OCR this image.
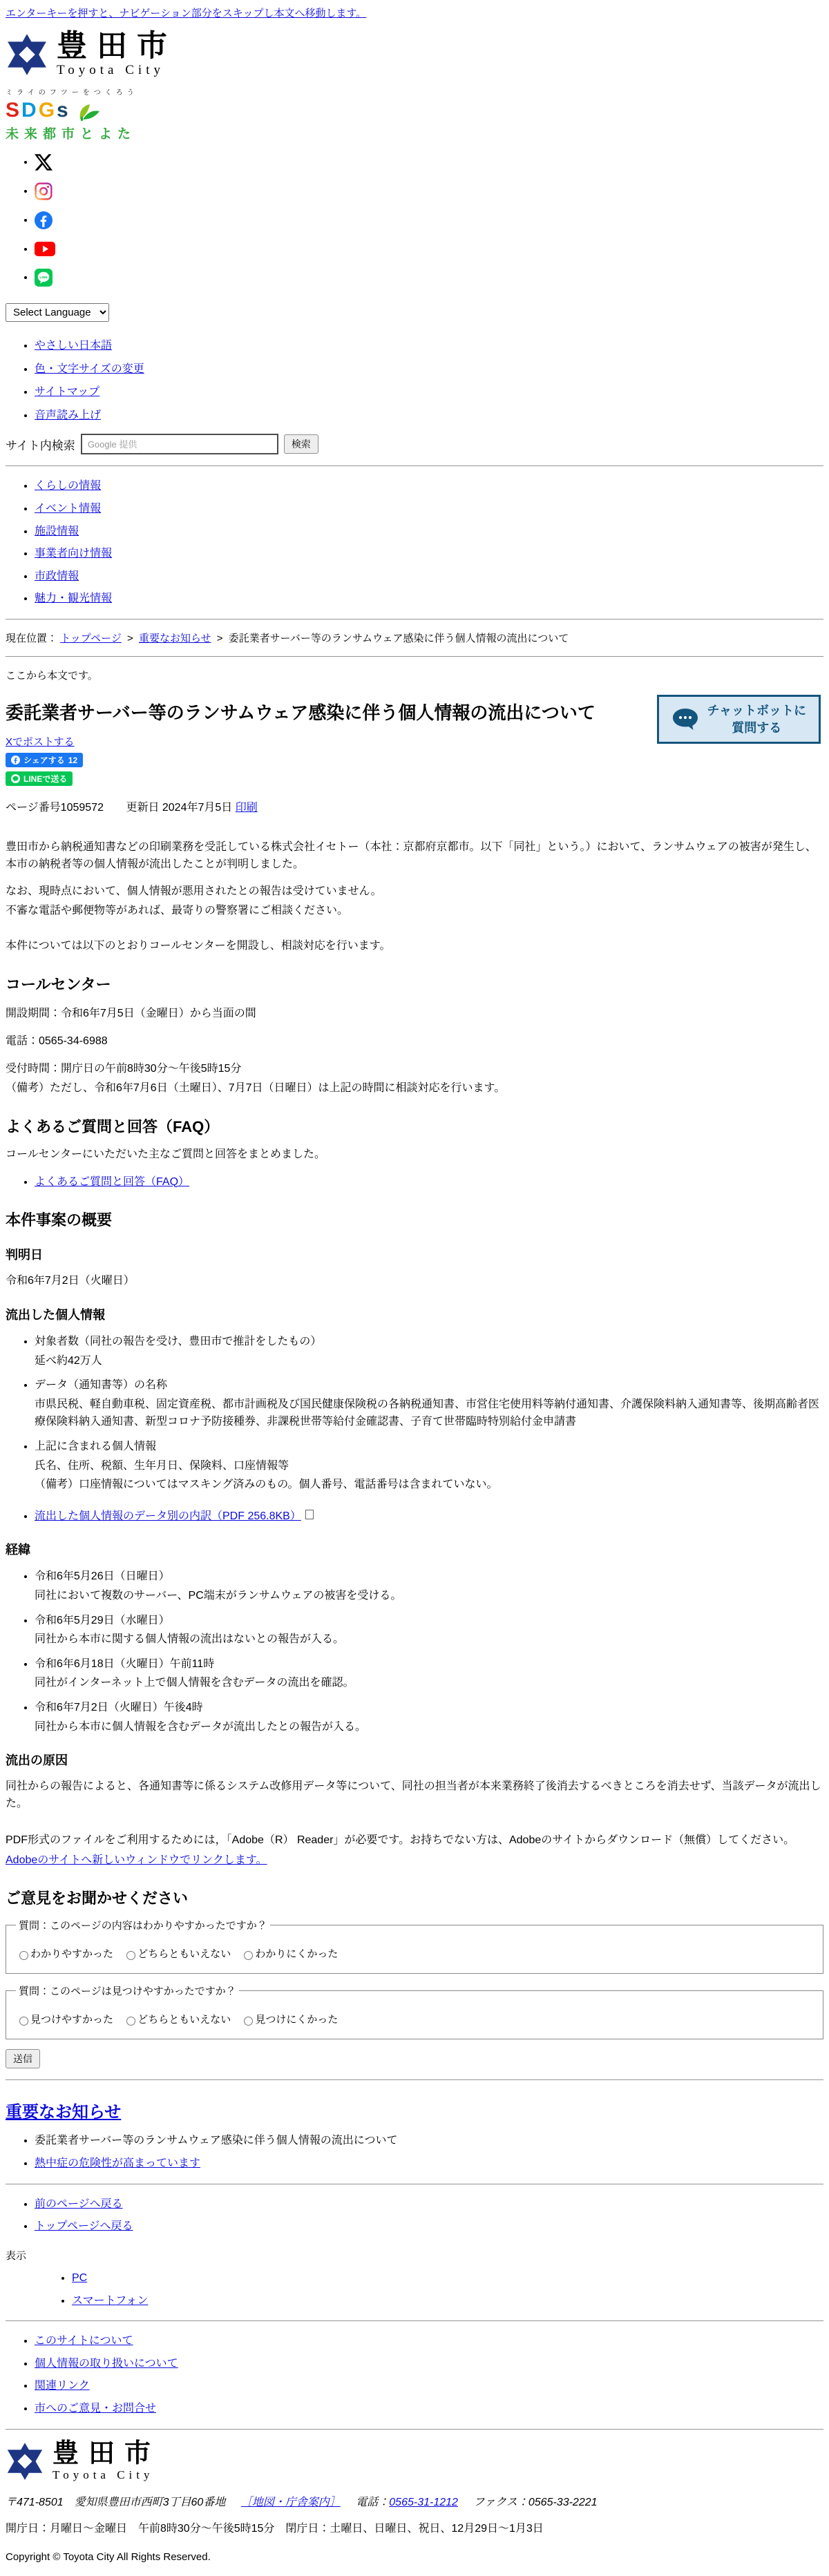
エンターキーを押すと、ナビゲーション部分をスキップし本文へ移動します。
豊田市
Toyota City

ミライのフツーをつくろう

S D G s
未来都市とよた
•
•
•
•
• LINE
Select Language
• やさしい日本語
• 色・文字サイズの変更
• サイトマップ
• 音声読み上げ
サイト内検索
Google 提供	検索
• くらしの情報
• イベント情報
• 施設情報
• 事業者向け情報
• 市政情報
• 魅力・観光情報
現在位置： トップページ > 重要なお知らせ > 委託業者サーバー等のランサムウェア感染に伴う個人情報の流出について

ここから本文です。

チャットボットに
質問する
委託業者サーバー等のランサムウェア感染に伴う個人情報の流出について
Xでポストする
シェアする 12
LINEで送る

ページ番号1059572 更新日 2024年7月5日 印刷

豊田市から納税通知書などの印刷業務を受託している株式会社イセトー（本社：京都府京都市。以下「同社」という。）において、ランサムウェアの被害が発生し、本市の納税者等の個人情報が流出したことが判明しました。

なお、現時点において、個人情報が悪用されたとの報告は受けていません。

不審な電話や郵便物等があれば、最寄りの警察署にご相談ください。

本件については以下のとおりコールセンターを開設し、相談対応を行います。

コールセンター

開設期間：令和6年7月5日（金曜日）から当面の間

電話：0565-34-6988

受付時間：開庁日の午前8時30分～午後5時15分

（備考）ただし、令和6年7月6日（土曜日）、7月7日（日曜日）は上記の時間に相談対応を行います。

よくあるご質問と回答（FAQ）

コールセンターにいただいた主なご質問と回答をまとめました。

• よくあるご質問と回答（FAQ）
本件事案の概要
判明日

令和6年7月2日（火曜日）

流出した個人情報
• 対象者数（同社の報告を受け、豊田市で推計をしたもの）
延べ約42万人
• データ（通知書等）の名称
市県民税、軽自動車税、固定資産税、都市計画税及び国民健康保険税の各納税通知書、市営住宅使用料等納付通知書、介護保険料納入通知書等、後期高齢者医療保険料納入通知書、新型コロナ予防接種券、非課税世帯等給付金確認書、子育て世帯臨時特別給付金申請書
• 上記に含まれる個人情報
氏名、住所、税額、生年月日、保険料、口座情報等
（備考）口座情報についてはマスキング済みのもの。個人番号、電話番号は含まれていない。
• 流出した個人情報のデータ別の内訳（PDF 256.8KB）
経緯
• 令和6年5月26日（日曜日）
同社において複数のサーバー、PC端末がランサムウェアの被害を受ける。
• 令和6年5月29日（水曜日）
同社から本市に関する個人情報の流出はないとの報告が入る。
• 令和6年6月18日（火曜日）午前11時
同社がインターネット上で個人情報を含むデータの流出を確認。
• 令和6年7月2日（火曜日）午後4時
同社から本市に個人情報を含むデータが流出したとの報告が入る。
流出の原因

同社からの報告によると、各通知書等に係るシステム改修用データ等について、同社の担当者が本来業務終了後消去するべきところを消去せず、当該データが流出した。

PDF形式のファイルをご利用するためには，「Adobe（R） Reader」が必要です。お持ちでない方は、Adobeのサイトからダウンロード（無償）してください。

Adobeのサイトへ新しいウィンドウでリンクします。

ご意見をお聞かせください
質問：このページの内容はわかりやすかったですか？
わかりやすかった どちらともいえない わかりにくかった
質問：このページは見つけやすかったですか？
見つけやすかった どちらともいえない 見つけにくかった

送信

重要なお知らせ
• 委託業者サーバー等のランサムウェア感染に伴う個人情報の流出について
• 熱中症の危険性が高まっています
• 前のページへ戻る
• トップページへ戻る

表示

• PC
• スマートフォン
• このサイトについて
• 個人情報の取り扱いについて
• 関連リンク
• 市へのご意見・お問合せ
豊田市
Toyota City

〒471-8501　愛知県豊田市西町3丁目60番地 ［地図・庁舎案内］ 電話：0565-31-1212 ファクス：0565-33-2221

開庁日：月曜日～金曜日　午前8時30分～午後5時15分　閉庁日：土曜日、日曜日、祝日、12月29日～1月3日

Copyright © Toyota City All Rights Reserved.
